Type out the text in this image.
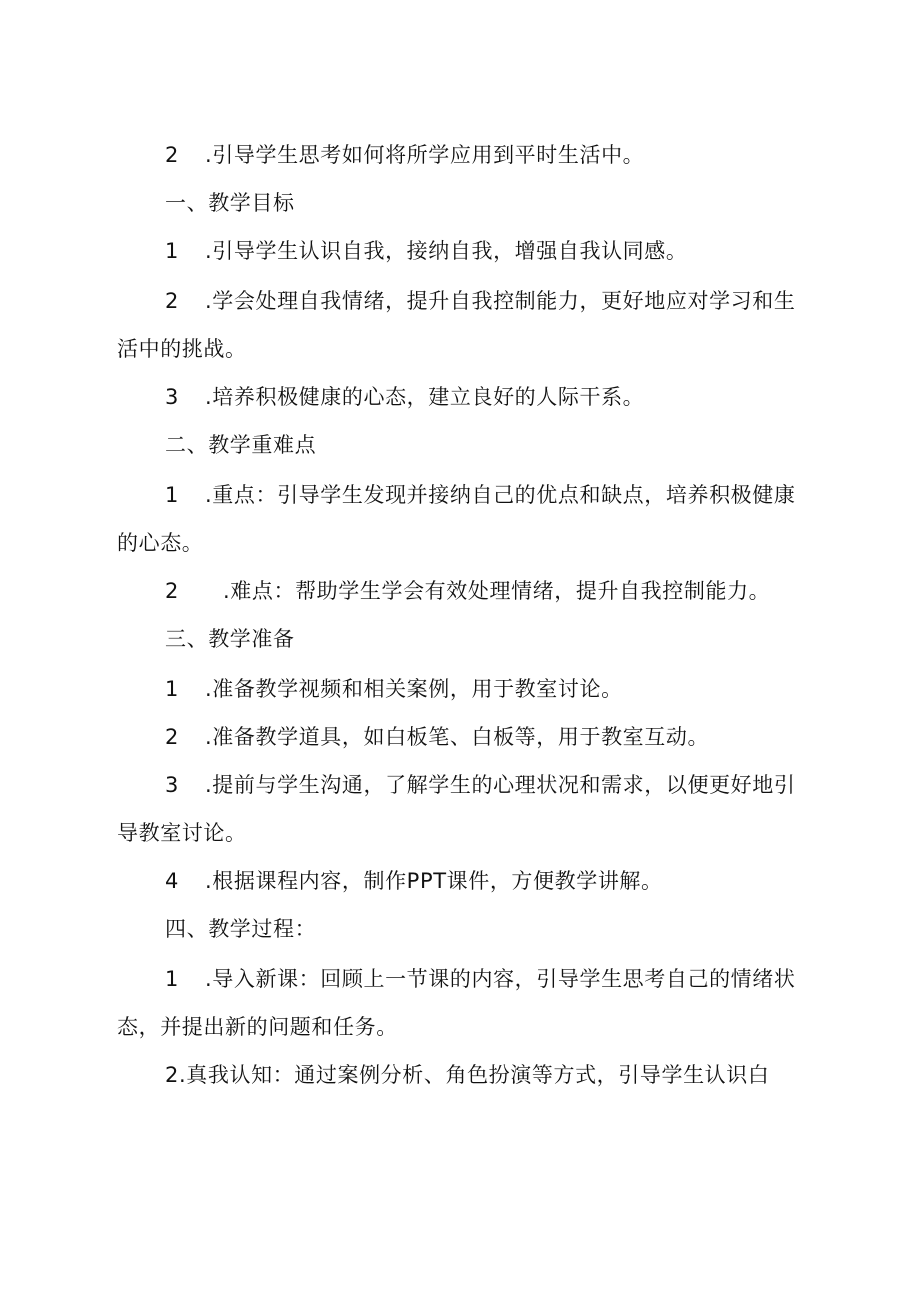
2 .引导学生思考如何将所学应用到平时生活中。
一、教学目标
1 .引导学生认识自我，接纳自我，增强自我认同感。
2 .学会处理自我情绪，提升自我控制能力，更好地应对学习和生
活中的挑战。
3 .培养积极健康的心态，建立良好的人际干系。
二、教学重难点
1 .重点：引导学生发现并接纳自己的优点和缺点，培养积极健康
的心态。
2 .难点：帮助学生学会有效处理情绪，提升自我控制能力。
三、教学准备
1 .准备教学视频和相关案例，用于教室讨论。
2 .准备教学道具，如白板笔、白板等，用于教室互动。
3 .提前与学生沟通，了解学生的心理状况和需求，以便更好地引
导教室讨论。
4 .根据课程内容，制作PPT课件，方便教学讲解。
四、教学过程：
1 .导入新课：回顾上一节课的内容，引导学生思考自己的情绪状
态，并提出新的问题和任务。
2.真我认知：通过案例分析、角色扮演等方式，引导学生认识白
